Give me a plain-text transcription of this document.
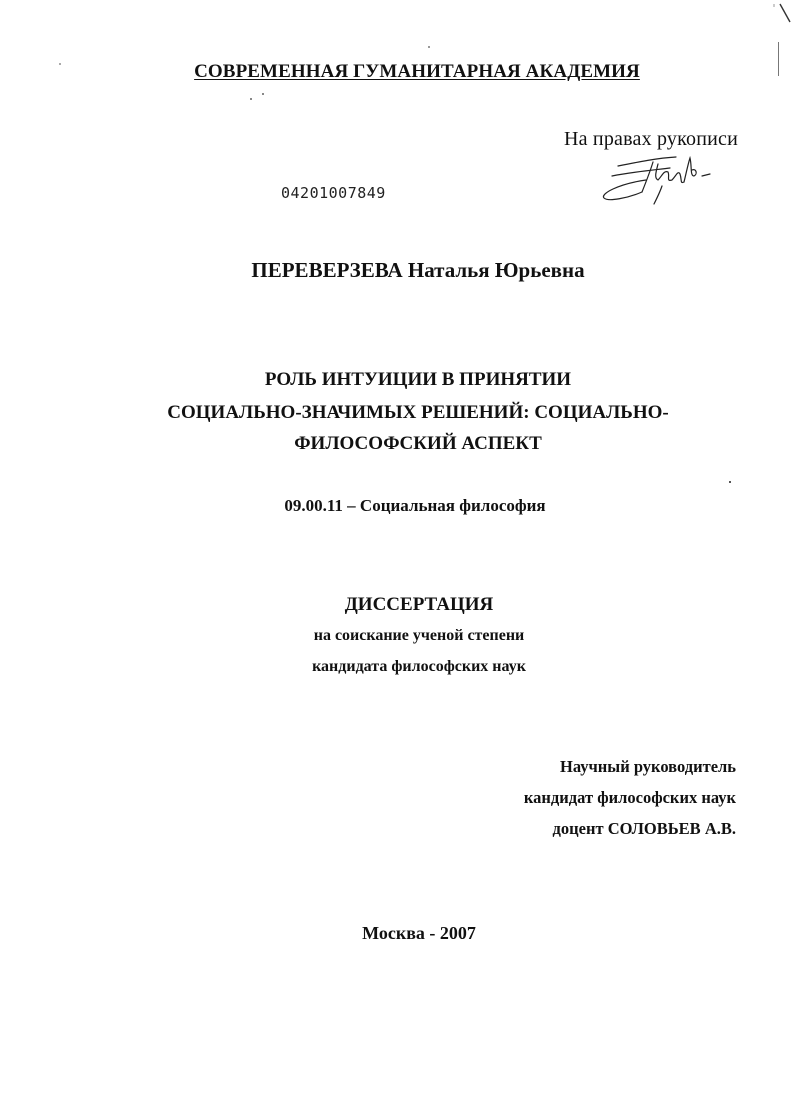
СОВРЕМЕННАЯ ГУМАНИТАРНАЯ АКАДЕМИЯ
На правах рукописи
04201007849
ПЕРЕВЕРЗЕВА Наталья Юрьевна
РОЛЬ ИНТУИЦИИ В ПРИНЯТИИ
СОЦИАЛЬНО-ЗНАЧИМЫХ РЕШЕНИЙ: СОЦИАЛЬНО-
ФИЛОСОФСКИЙ АСПЕКТ
09.00.11 – Социальная философия
ДИССЕРТАЦИЯ
на соискание ученой степени
кандидата философских наук
Научный руководитель
кандидат философских наук
доцент СОЛОВЬЕВ А.В.
Москва - 2007
